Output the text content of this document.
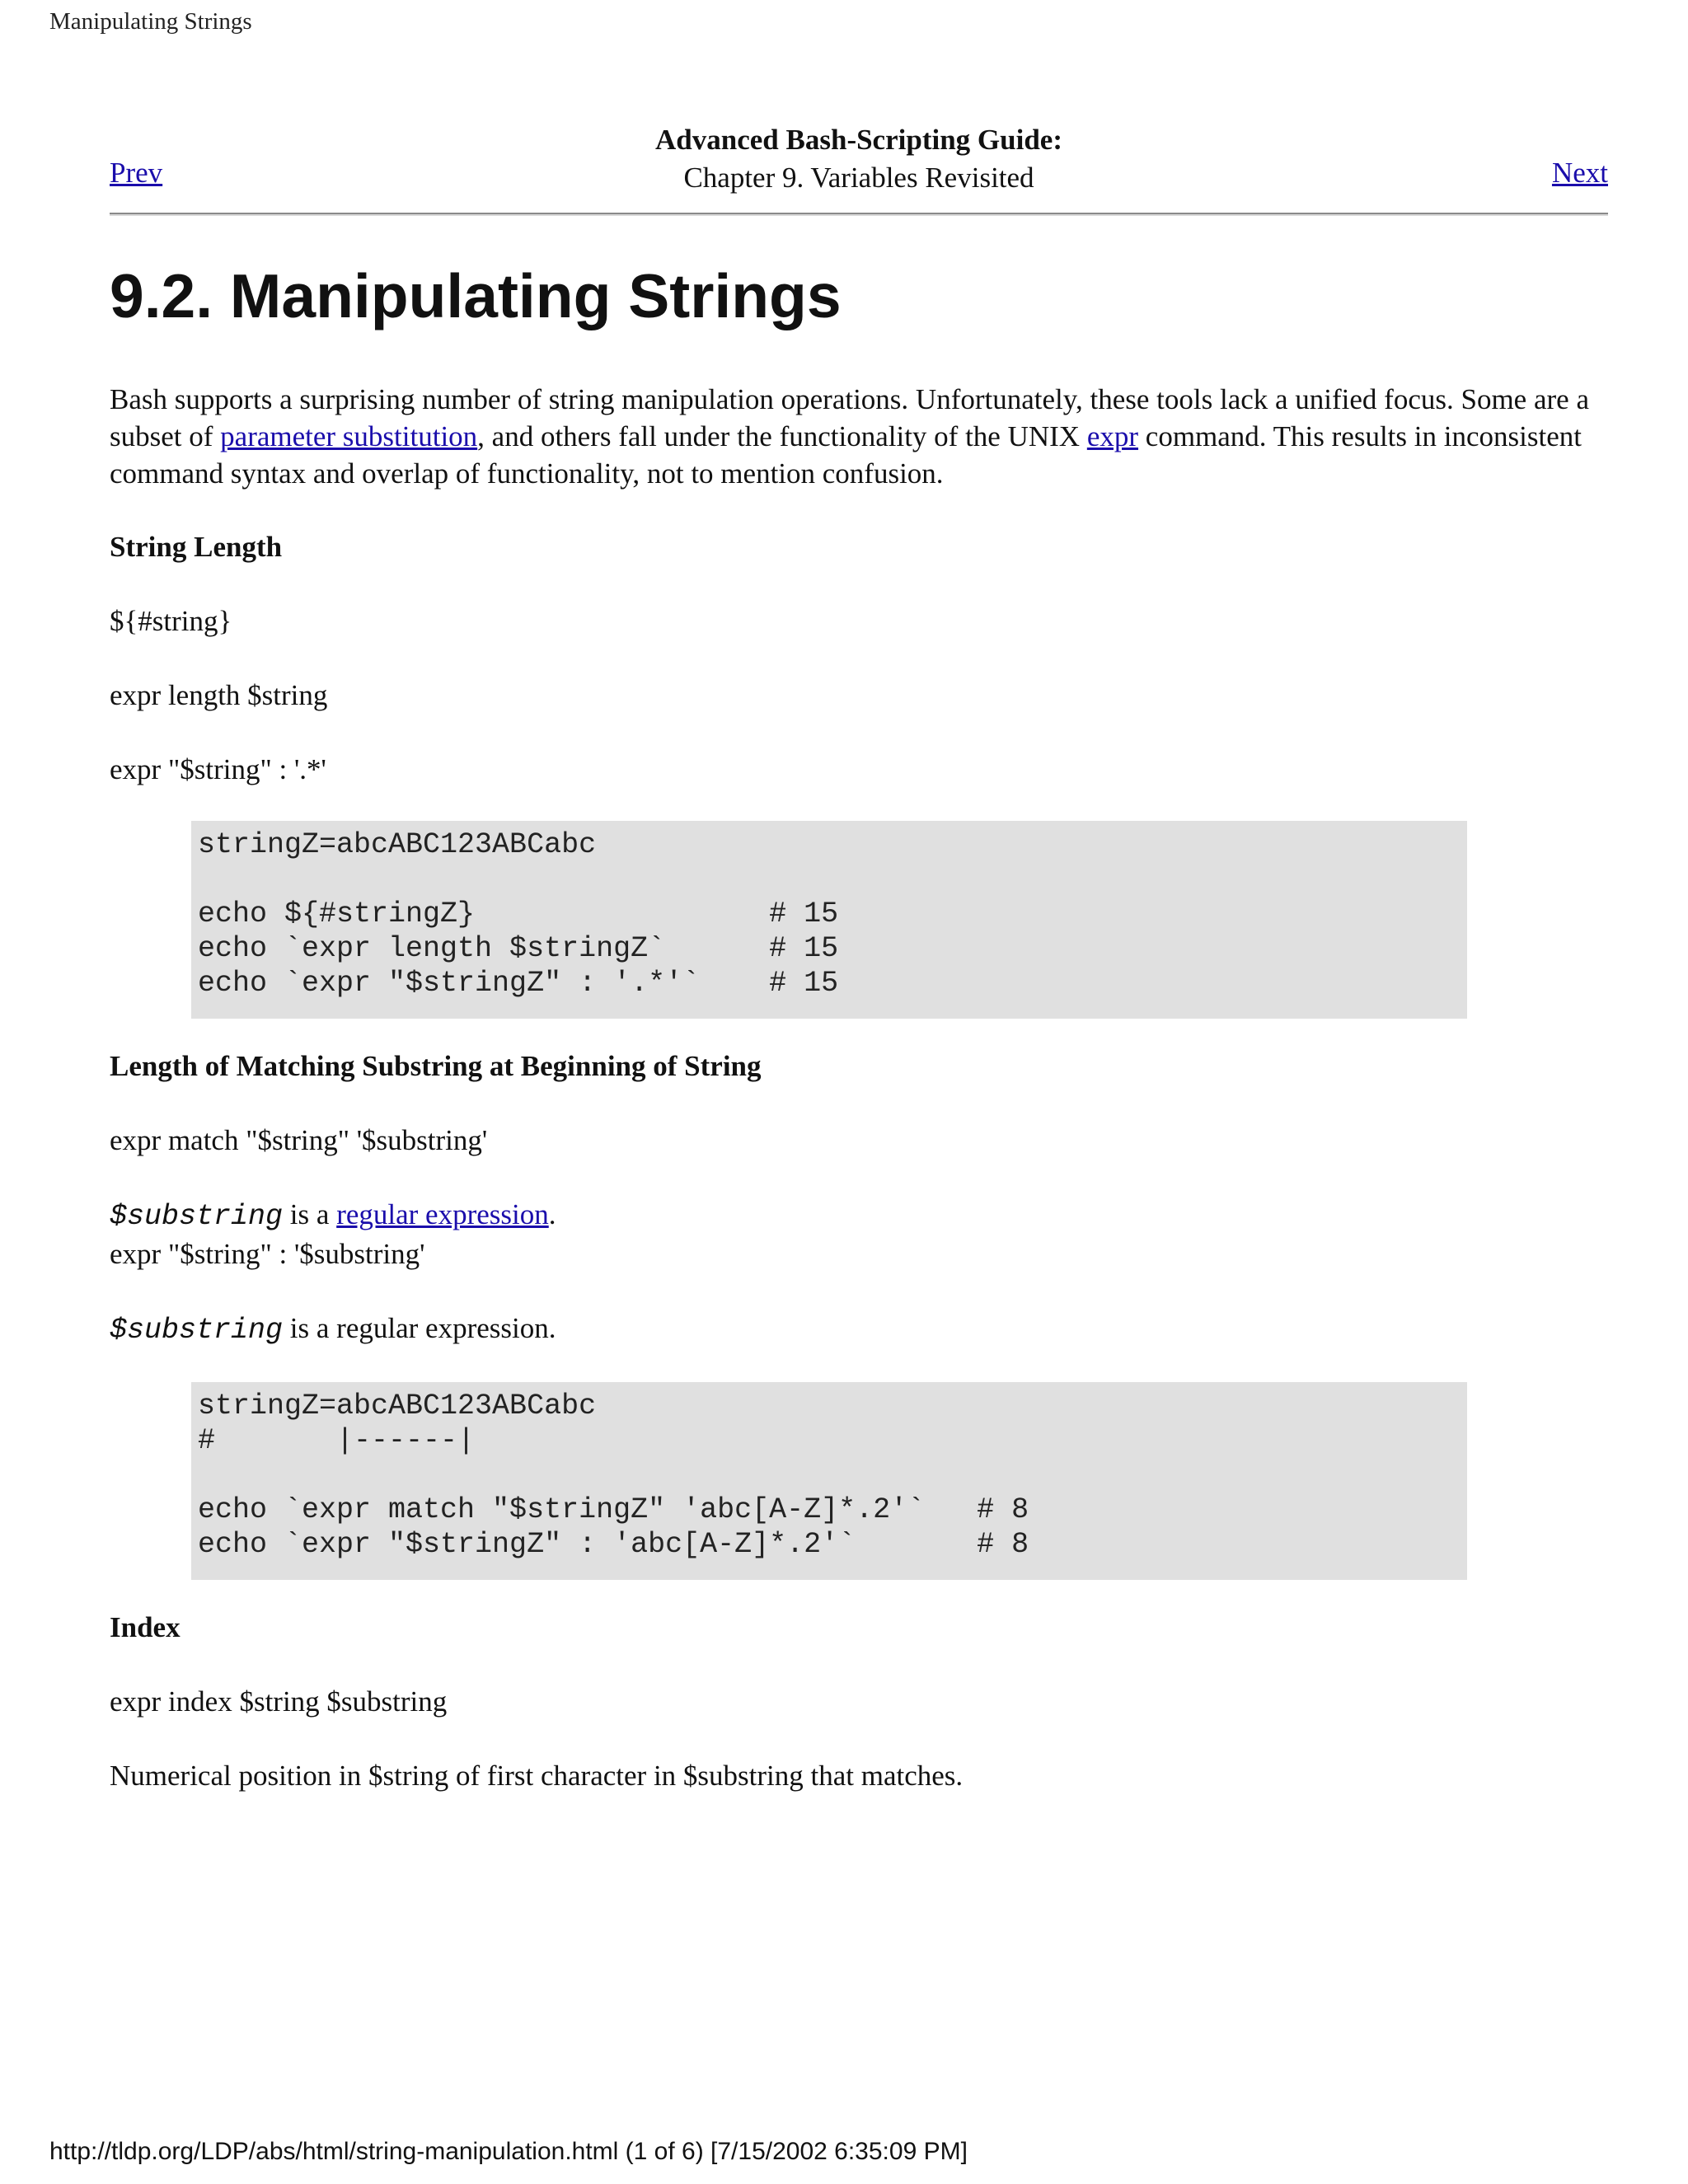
Manipulating Strings
Advanced Bash-Scripting Guide:
Chapter 9. Variables Revisited
Prev	Next
9.2. Manipulating Strings

Bash supports a surprising number of string manipulation operations. Unfortunately, these tools lack a unified focus. Some are a subset of parameter substitution, and others fall under the functionality of the UNIX expr command. This results in inconsistent command syntax and overlap of functionality, not to mention confusion.

String Length

${#string}

expr length $string

expr "$string" : '.*'

stringZ=abcABC123ABCabc

echo ${#stringZ}                 # 15
echo `expr length $stringZ`      # 15
echo `expr "$stringZ" : '.*'`    # 15

Length of Matching Substring at Beginning of String

expr match "$string" '$substring'

$substring is a regular expression.

expr "$string" : '$substring'

$substring is a regular expression.

stringZ=abcABC123ABCabc
#       |------|

echo `expr match "$stringZ" 'abc[A-Z]*.2'`   # 8
echo `expr "$stringZ" : 'abc[A-Z]*.2'`       # 8

Index

expr index $string $substring

Numerical position in $string of first character in $substring that matches.

http://tldp.org/LDP/abs/html/string-manipulation.html (1 of 6) [7/15/2002 6:35:09 PM]
